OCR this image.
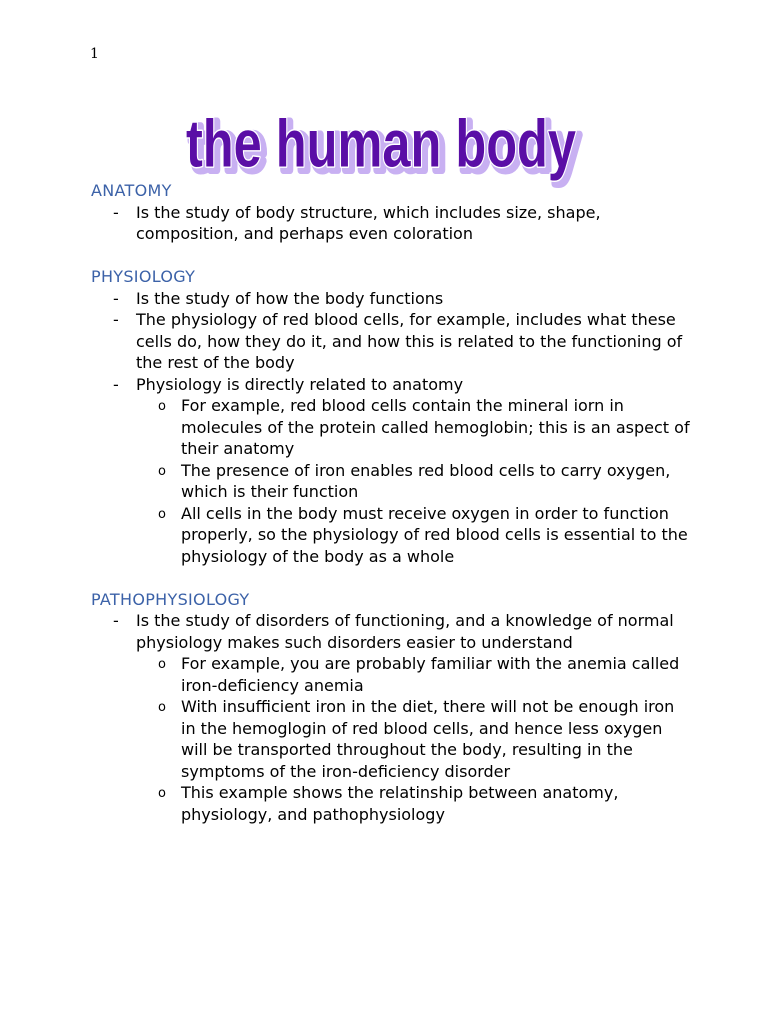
1
the human body
the human body

ANATOMY

- Is the study of body structure, which includes size, shape, composition, and perhaps even coloration

PHYSIOLOGY

- Is the study of how the body functions
- The physiology of red blood cells, for example, includes what these cells do, how they do it, and how this is related to the functioning of the rest of the body
- Physiology is directly related to anatomy
o For example, red blood cells contain the mineral iorn in molecules of the protein called hemoglobin; this is an aspect of their anatomy
o The presence of iron enables red blood cells to carry oxygen, which is their function
o All cells in the body must receive oxygen in order to function properly, so the physiology of red blood cells is essential to the physiology of the body as a whole

PATHOPHYSIOLOGY

- Is the study of disorders of functioning, and a knowledge of normal physiology makes such disorders easier to understand
o For example, you are probably familiar with the anemia called iron-deficiency anemia
o With insufficient iron in the diet, there will not be enough iron in the hemoglogin of red blood cells, and hence less oxygen will be transported throughout the body, resulting in the symptoms of the iron-deficiency disorder
o This example shows the relatinship between anatomy, physiology, and pathophysiology
